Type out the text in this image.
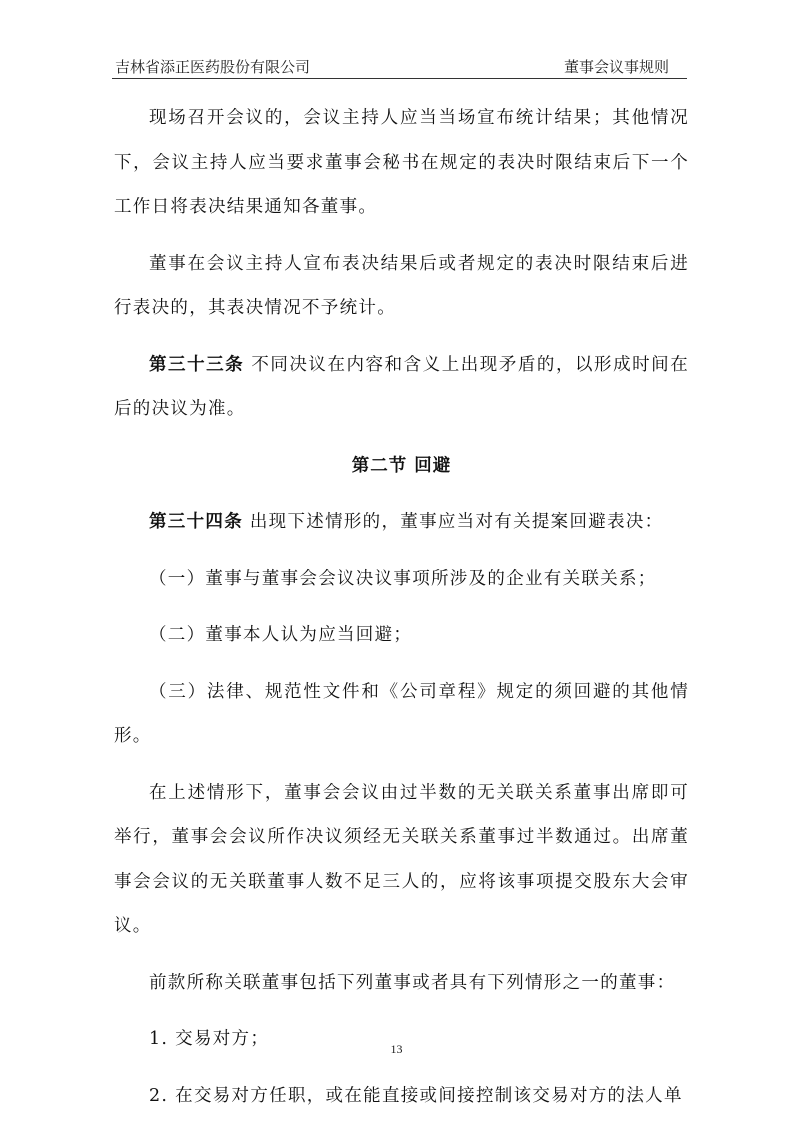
吉林省添正医药股份有限公司	董事会议事规则

现场召开会议的，会议主持人应当当场宣布统计结果；其他情况下，会议主持人应当要求董事会秘书在规定的表决时限结束后下一个工作日将表决结果通知各董事。

董事在会议主持人宣布表决结果后或者规定的表决时限结束后进行表决的，其表决情况不予统计。

第三十三条 不同决议在内容和含义上出现矛盾的，以形成时间在后的决议为准。

第二节 回避

第三十四条 出现下述情形的，董事应当对有关提案回避表决：

（一）董事与董事会会议决议事项所涉及的企业有关联关系；

（二）董事本人认为应当回避；

（三）法律、规范性文件和《公司章程》规定的须回避的其他情形。

在上述情形下，董事会会议由过半数的无关联关系董事出席即可举行，董事会会议所作决议须经无关联关系董事过半数通过。出席董事会会议的无关联董事人数不足三人的，应将该事项提交股东大会审议。

前款所称关联董事包括下列董事或者具有下列情形之一的董事：

1. 交易对方；

2. 在交易对方任职，或在能直接或间接控制该交易对方的法人单

13
